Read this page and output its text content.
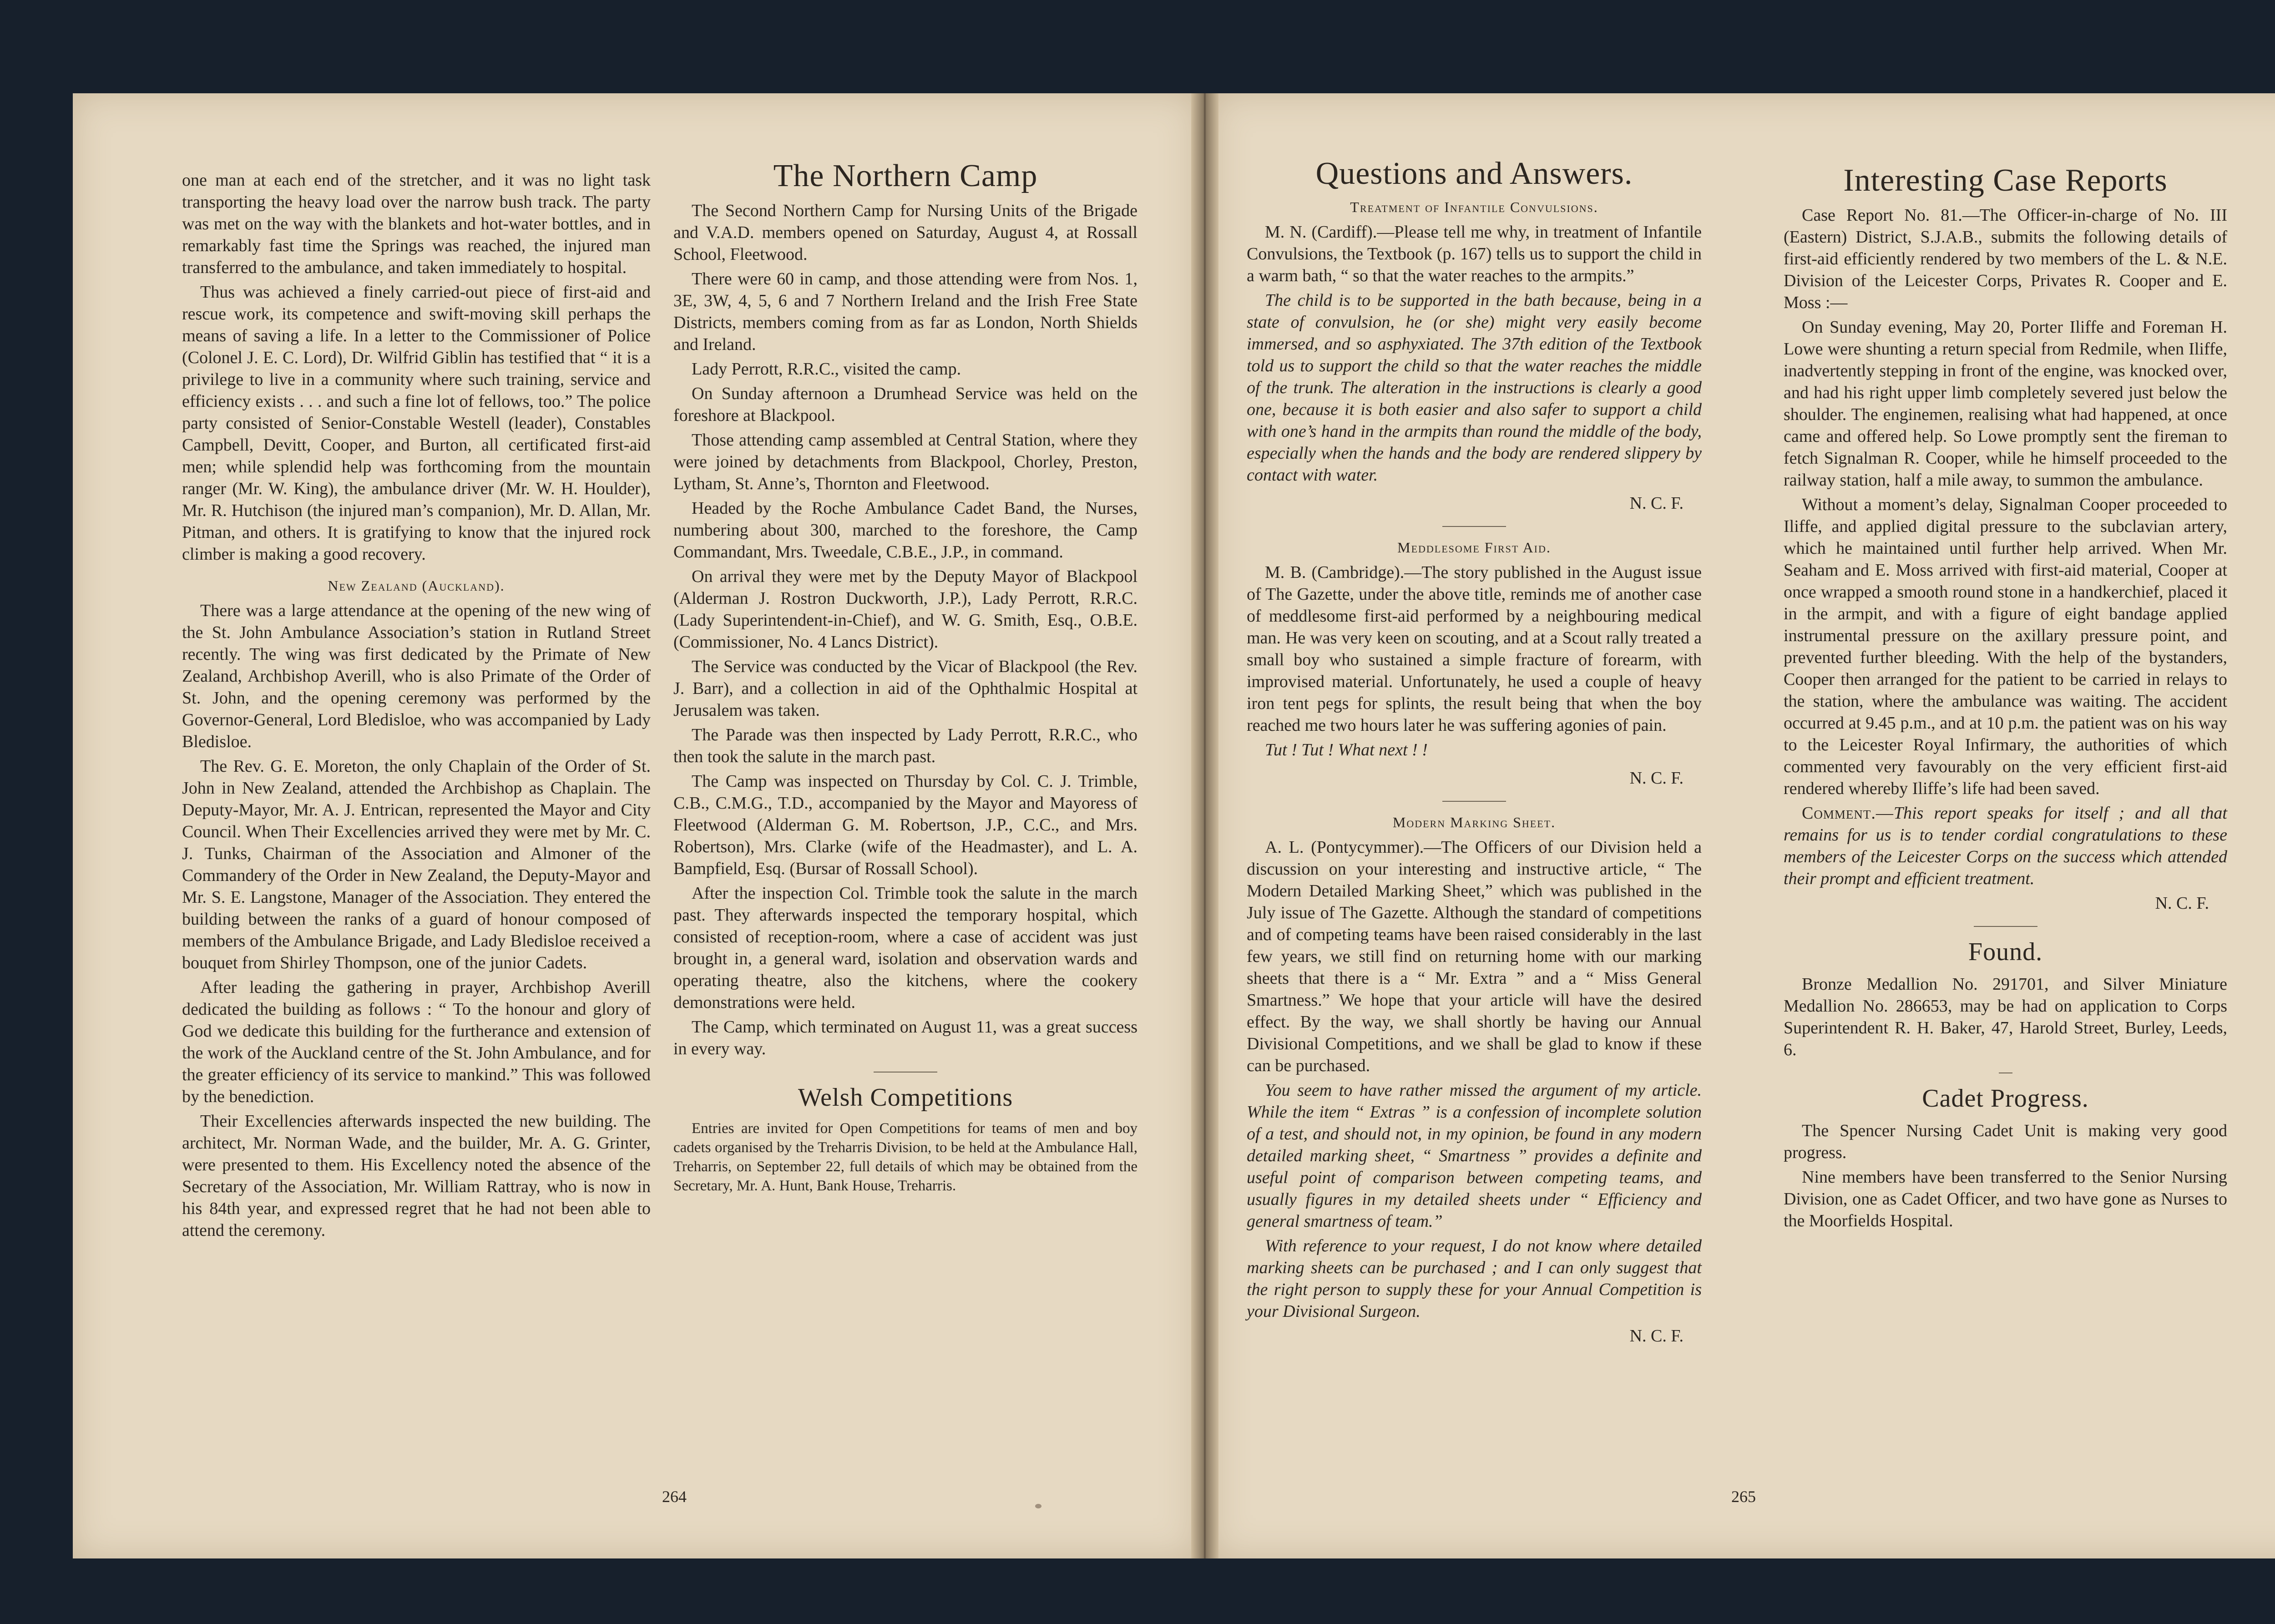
one man at each end of the stretcher, and it was no light task transporting the heavy load over the narrow bush track. The party was met on the way with the blankets and hot-water bottles, and in remarkably fast time the Springs was reached, the injured man transferred to the ambulance, and taken immediately to hospital.

Thus was achieved a finely carried-out piece of first-aid and rescue work, its competence and swift-moving skill perhaps the means of saving a life. In a letter to the Commissioner of Police (Colonel J. E. C. Lord), Dr. Wilfrid Giblin has testified that “ it is a privilege to live in a community where such training, service and efficiency exists . . . and such a fine lot of fellows, too.” The police party consisted of Senior-Constable Westell (leader), Constables Campbell, Devitt, Cooper, and Burton, all certificated first-aid men; while splendid help was forthcoming from the mountain ranger (Mr. W. King), the ambulance driver (Mr. W. H. Houlder), Mr. R. Hutchison (the injured man’s companion), Mr. D. Allan, Mr. Pitman, and others. It is gratifying to know that the injured rock climber is making a good recovery.

New Zealand (Auckland).

There was a large attendance at the opening of the new wing of the St. John Ambulance Association’s station in Rutland Street recently. The wing was first dedicated by the Primate of New Zealand, Archbishop Averill, who is also Primate of the Order of St. John, and the opening ceremony was performed by the Governor-General, Lord Bledisloe, who was accompanied by Lady Bledisloe.

The Rev. G. E. Moreton, the only Chaplain of the Order of St. John in New Zealand, attended the Archbishop as Chaplain. The Deputy-Mayor, Mr. A. J. Entrican, represented the Mayor and City Council. When Their Excellencies arrived they were met by Mr. C. J. Tunks, Chairman of the Association and Almoner of the Commandery of the Order in New Zealand, the Deputy-Mayor and Mr. S. E. Langstone, Manager of the Association. They entered the building between the ranks of a guard of honour composed of members of the Ambulance Brigade, and Lady Bledisloe received a bouquet from Shirley Thompson, one of the junior Cadets.

After leading the gathering in prayer, Archbishop Averill dedicated the building as follows : “ To the honour and glory of God we dedicate this building for the furtherance and extension of the work of the Auckland centre of the St. John Ambulance, and for the greater efficiency of its service to mankind.” This was followed by the benediction.

Their Excellencies afterwards inspected the new building. The architect, Mr. Norman Wade, and the builder, Mr. A. G. Grinter, were presented to them. His Excellency noted the absence of the Secretary of the Association, Mr. William Rattray, who is now in his 84th year, and expressed regret that he had not been able to attend the ceremony.

The Northern Camp

The Second Northern Camp for Nursing Units of the Brigade and V.A.D. members opened on Saturday, August 4, at Rossall School, Fleetwood.

There were 60 in camp, and those attending were from Nos. 1, 3E, 3W, 4, 5, 6 and 7 Northern Ireland and the Irish Free State Districts, members coming from as far as London, North Shields and Ireland.

Lady Perrott, R.R.C., visited the camp.

On Sunday afternoon a Drumhead Service was held on the foreshore at Blackpool.

Those attending camp assembled at Central Station, where they were joined by detachments from Blackpool, Chorley, Preston, Lytham, St. Anne’s, Thornton and Fleetwood.

Headed by the Roche Ambulance Cadet Band, the Nurses, numbering about 300, marched to the foreshore, the Camp Commandant, Mrs. Tweedale, C.B.E., J.P., in command.

On arrival they were met by the Deputy Mayor of Blackpool (Alderman J. Rostron Duckworth, J.P.), Lady Perrott, R.R.C. (Lady Superintendent-in-Chief), and W. G. Smith, Esq., O.B.E. (Commissioner, No. 4 Lancs District).

The Service was conducted by the Vicar of Blackpool (the Rev. J. Barr), and a collection in aid of the Ophthalmic Hospital at Jerusalem was taken.

The Parade was then inspected by Lady Perrott, R.R.C., who then took the salute in the march past.

The Camp was inspected on Thursday by Col. C. J. Trimble, C.B., C.M.G., T.D., accompanied by the Mayor and Mayoress of Fleetwood (Alderman G. M. Robertson, J.P., C.C., and Mrs. Robertson), Mrs. Clarke (wife of the Headmaster), and L. A. Bampfield, Esq. (Bursar of Rossall School).

After the inspection Col. Trimble took the salute in the march past. They afterwards inspected the temporary hospital, which consisted of reception-room, where a case of accident was just brought in, a general ward, isolation and observation wards and operating theatre, also the kitchens, where the cookery demonstrations were held.

The Camp, which terminated on August 11, was a great success in every way.

Welsh Competitions

Entries are invited for Open Competitions for teams of men and boy cadets organised by the Treharris Division, to be held at the Ambulance Hall, Treharris, on September 22, full details of which may be obtained from the Secretary, Mr. A. Hunt, Bank House, Treharris.

264
Questions and Answers.
Treatment of Infantile Convulsions.

M. N. (Cardiff).—Please tell me why, in treatment of Infantile Convulsions, the Textbook (p. 167) tells us to support the child in a warm bath, “ so that the water reaches to the armpits.”

The child is to be supported in the bath because, being in a state of convulsion, he (or she) might very easily become immersed, and so asphyxiated. The 37th edition of the Textbook told us to support the child so that the water reaches the middle of the trunk. The alteration in the instructions is clearly a good one, because it is both easier and also safer to support a child with one’s hand in the armpits than round the middle of the body, especially when the hands and the body are rendered slippery by contact with water.

N. C. F.

Meddlesome First Aid.

M. B. (Cambridge).—The story published in the August issue of The Gazette, under the above title, reminds me of another case of meddlesome first-aid performed by a neighbouring medical man. He was very keen on scouting, and at a Scout rally treated a small boy who sustained a simple fracture of forearm, with improvised material. Unfortunately, he used a couple of heavy iron tent pegs for splints, the result being that when the boy reached me two hours later he was suffering agonies of pain.

Tut ! Tut ! What next ! !

N. C. F.

Modern Marking Sheet.

A. L. (Pontycymmer).—The Officers of our Division held a discussion on your interesting and instructive article, “ The Modern Detailed Marking Sheet,” which was published in the July issue of The Gazette. Although the standard of competitions and of competing teams have been raised considerably in the last few years, we still find on returning home with our marking sheets that there is a “ Mr. Extra ” and a “ Miss General Smartness.” We hope that your article will have the desired effect. By the way, we shall shortly be having our Annual Divisional Competitions, and we shall be glad to know if these can be purchased.

You seem to have rather missed the argument of my article. While the item “ Extras ” is a confession of incomplete solution of a test, and should not, in my opinion, be found in any modern detailed marking sheet, “ Smartness ” provides a definite and useful point of comparison between competing teams, and usually figures in my detailed sheets under “ Efficiency and general smartness of team.”

With reference to your request, I do not know where detailed marking sheets can be purchased ; and I can only suggest that the right person to supply these for your Annual Competition is your Divisional Surgeon.

N. C. F.

265
Interesting Case Reports

Case Report No. 81.—The Officer-in-charge of No. III (Eastern) District, S.J.A.B., submits the following details of first-aid efficiently rendered by two members of the L. & N.E. Division of the Leicester Corps, Privates R. Cooper and E. Moss :—

On Sunday evening, May 20, Porter Iliffe and Foreman H. Lowe were shunting a return special from Redmile, when Iliffe, inadvertently stepping in front of the engine, was knocked over, and had his right upper limb completely severed just below the shoulder. The enginemen, realising what had happened, at once came and offered help. So Lowe promptly sent the fireman to fetch Signalman R. Cooper, while he himself proceeded to the railway station, half a mile away, to summon the ambulance.

Without a moment’s delay, Signalman Cooper proceeded to Iliffe, and applied digital pressure to the subclavian artery, which he maintained until further help arrived. When Mr. Seaham and E. Moss arrived with first-aid material, Cooper at once wrapped a smooth round stone in a handkerchief, placed it in the armpit, and with a figure of eight bandage applied instrumental pressure on the axillary pressure point, and prevented further bleeding. With the help of the bystanders, Cooper then arranged for the patient to be carried in relays to the station, where the ambulance was waiting. The accident occurred at 9.45 p.m., and at 10 p.m. the patient was on his way to the Leicester Royal Infirmary, the authorities of which commented very favourably on the very efficient first-aid rendered whereby Iliffe’s life had been saved.

Comment.—This report speaks for itself ; and all that remains for us is to tender cordial congratulations to these members of the Leicester Corps on the success which attended their prompt and efficient treatment.

N. C. F.

Found.

Bronze Medallion No. 291701, and Silver Miniature Medallion No. 286653, may be had on application to Corps Superintendent R. H. Baker, 47, Harold Street, Burley, Leeds, 6.

Cadet Progress.

The Spencer Nursing Cadet Unit is making very good progress.

Nine members have been transferred to the Senior Nursing Division, one as Cadet Officer, and two have gone as Nurses to the Moorfields Hospital.
